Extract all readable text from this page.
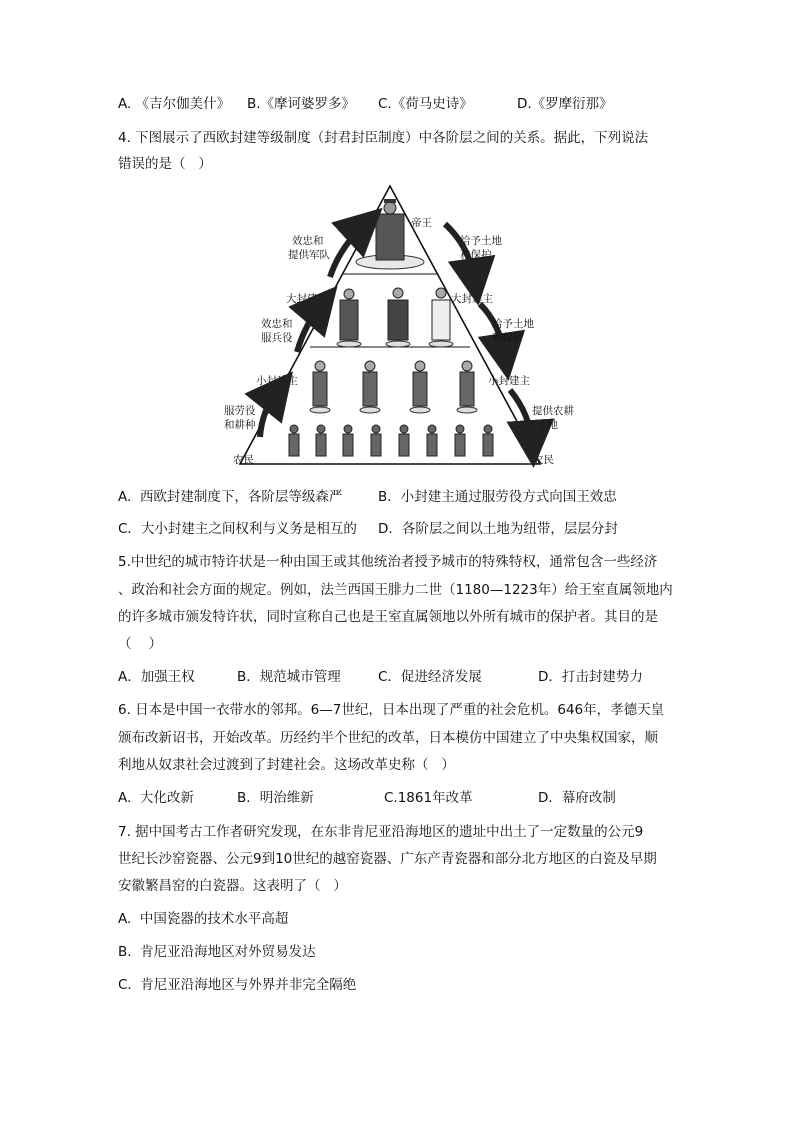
A. 《吉尔伽美什》 B.《摩诃婆罗多》 C.《荷马史诗》	D.《罗摩衍那》
4. 下图展示了西欧封建等级制度（封君封臣制度）中各阶层之间的关系。据此，下列说法
错误的是（   ）
帝王	帝王
大封建主	大封建主
小封建主	小封建主
农民	农民
效忠和
提供军队
效忠和
服兵役
服劳役
和耕种
给予土地
和保护
给予土地
和保护
提供农耕
土地
A.  西欧封建制度下，各阶层等级森严	B．小封建主通过服劳役方式向国王效忠
C．大小封建主之间权利与义务是相互的 D．各阶层之间以土地为纽带，层层分封
5.中世纪的城市特许状是一种由国王或其他统治者授予城市的特殊特权，通常包含一些经济
、政治和社会方面的规定。例如，法兰西国王腓力二世（1180—1223年）给王室直属领地内
的许多城市颁发特许状，同时宣称自己也是王室直属领地以外所有城市的保护者。其目的是
（    ）
A．加强王权	B．规范城市管理	C．促进经济发展	D．打击封建势力
6. 日本是中国一衣带水的邻邦。6—7世纪，日本出现了严重的社会危机。646年，孝德天皇
颁布改新诏书，开始改革。历经约半个世纪的改革，日本模仿中国建立了中央集权国家，顺
利地从奴隶社会过渡到了封建社会。这场改革史称（   ）
A.  大化改新	B．明治维新	C.1861年改革	D．幕府改制
7. 据中国考古工作者研究发现，在东非肯尼亚沿海地区的遗址中出土了一定数量的公元9
世纪长沙窑瓷器、公元9到10世纪的越窑瓷器、广东产青瓷器和部分北方地区的白瓷及早期
安徽繁昌窑的白瓷器。这表明了（   ）
A.  中国瓷器的技术水平高超
B.  肯尼亚沿海地区对外贸易发达
C.  肯尼亚沿海地区与外界并非完全隔绝
